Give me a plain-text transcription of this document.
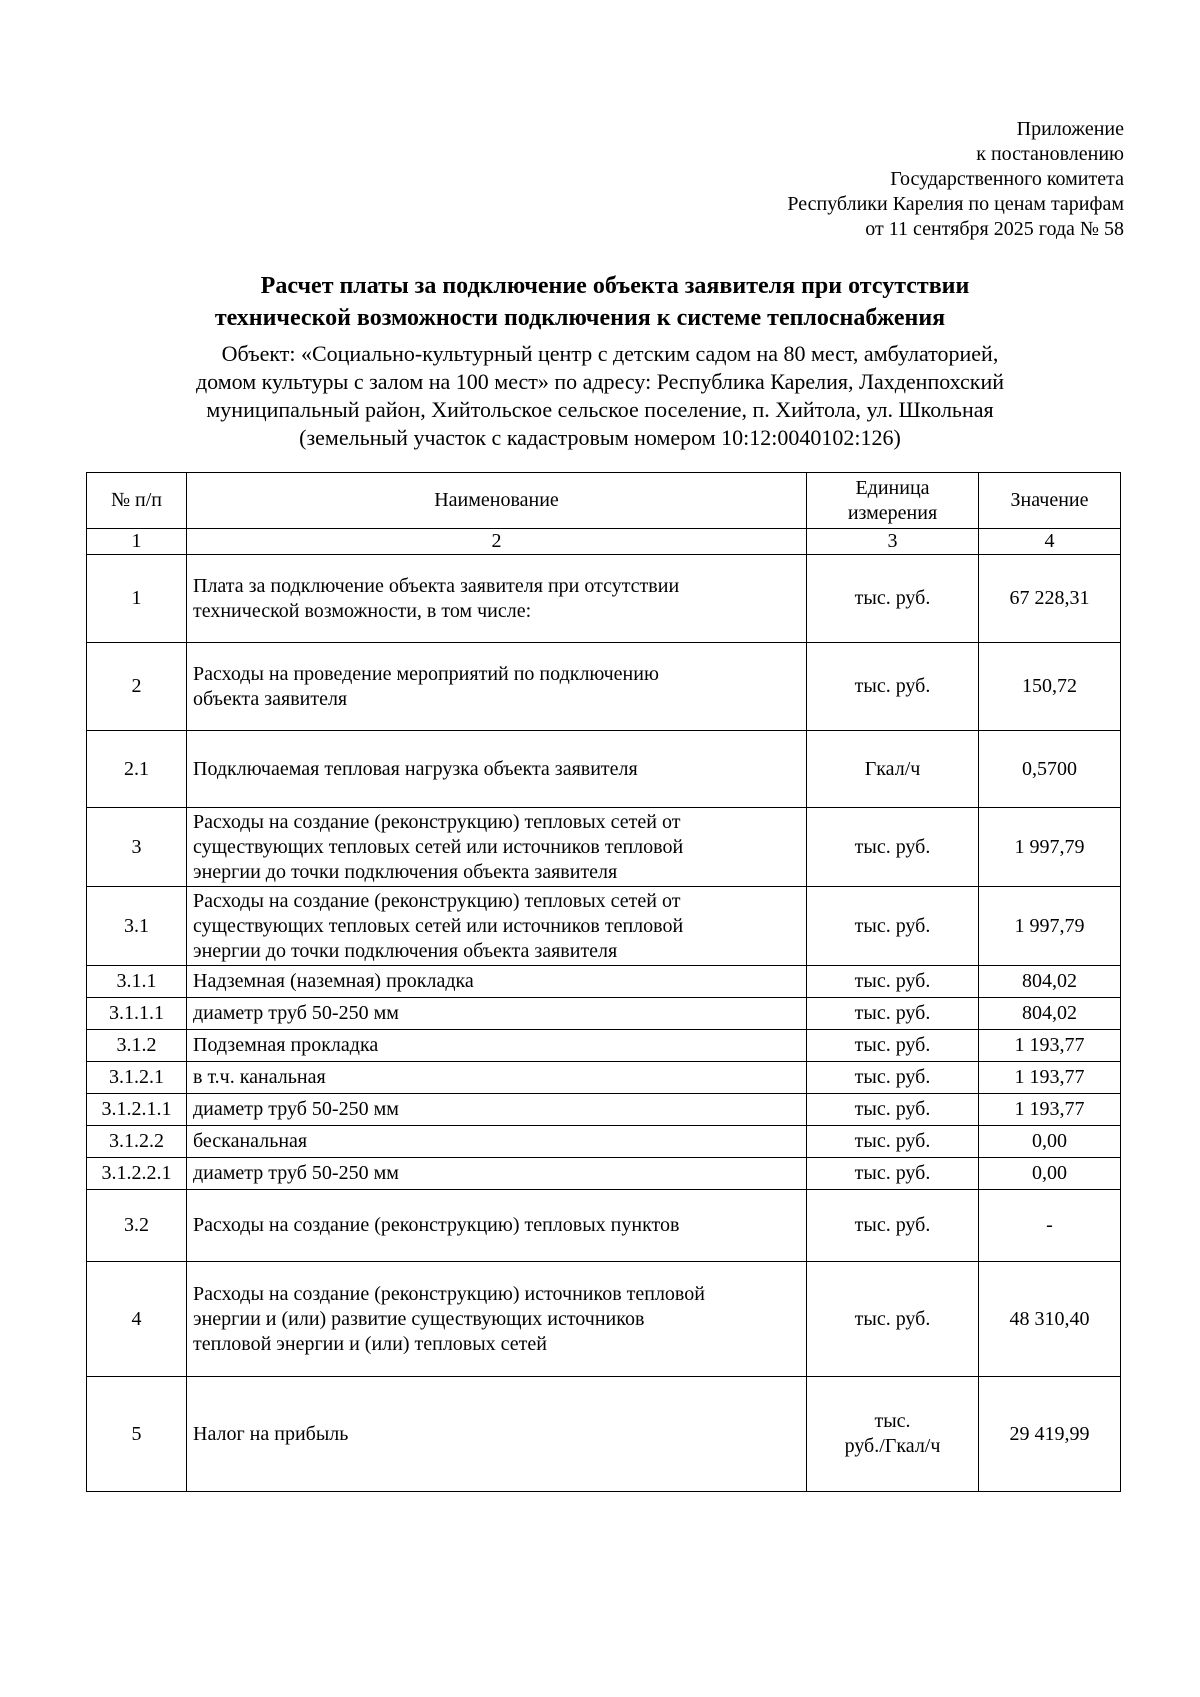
Приложение
к постановлению
Государственного комитета
Республики Карелия по ценам тарифам
от 11 сентября 2025 года № 58
Расчет платы за подключение объекта заявителя при отсутствии
технической возможности подключения к системе теплоснабжения
Объект: «Социально-культурный центр с детским садом на 80 мест, амбулаторией,
домом культуры с залом на 100 мест» по адресу: Республика Карелия, Лахденпохский
муниципальный район, Хийтольское сельское поселение, п. Хийтола, ул. Школьная
(земельный участок с кадастровым номером 10:12:0040102:126)
№ п/п	Наименование	Единица
измерения	Значение
1	2	3	4
1	Плата за подключение объекта заявителя при отсутствии
технической возможности, в том числе:	тыс. руб.	67 228,31
2	Расходы на проведение мероприятий по подключению
объекта заявителя	тыс. руб.	150,72
2.1	Подключаемая тепловая нагрузка объекта заявителя	Гкал/ч	0,5700
3	Расходы на создание (реконструкцию) тепловых сетей от
существующих тепловых сетей или источников тепловой
энергии до точки подключения объекта заявителя	тыс. руб.	1 997,79
3.1	Расходы на создание (реконструкцию) тепловых сетей от
существующих тепловых сетей или источников тепловой
энергии до точки подключения объекта заявителя	тыс. руб.	1 997,79
3.1.1	Надземная (наземная) прокладка	тыс. руб.	804,02
3.1.1.1	диаметр труб 50-250 мм	тыс. руб.	804,02
3.1.2	Подземная прокладка	тыс. руб.	1 193,77
3.1.2.1	в т.ч. канальная	тыс. руб.	1 193,77
3.1.2.1.1	диаметр труб 50-250 мм	тыс. руб.	1 193,77
3.1.2.2	бесканальная	тыс. руб.	0,00
3.1.2.2.1	диаметр труб 50-250 мм	тыс. руб.	0,00
3.2	Расходы на создание (реконструкцию) тепловых пунктов	тыс. руб.	-
4	Расходы на создание (реконструкцию) источников тепловой
энергии и (или) развитие существующих источников
тепловой энергии и (или) тепловых сетей	тыс. руб.	48 310,40
5	Налог на прибыль	тыс.
руб./Гкал/ч	29 419,99
